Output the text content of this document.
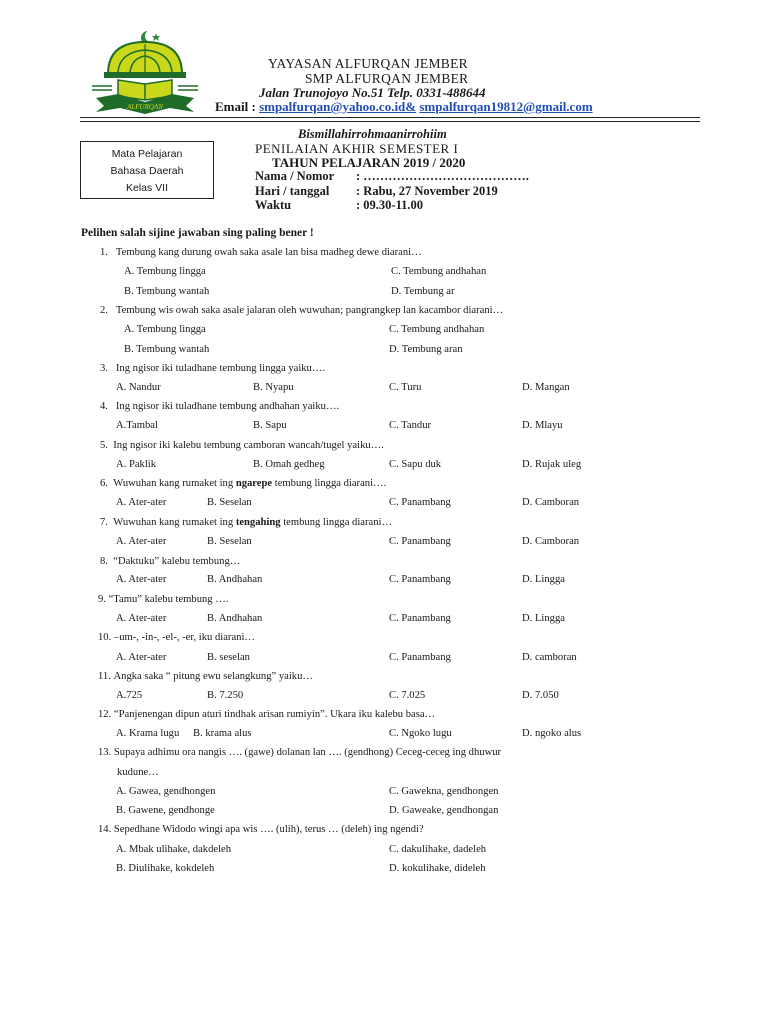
ALFURQAN
YAYASAN ALFURQAN JEMBER
SMP ALFURQAN JEMBER
Jalan Trunojoyo No.51 Telp. 0331-488644
Email : smpalfurqan@yahoo.co.id& smpalfurqan19812@gmail.com
Mata Pelajaran
Bahasa Daerah
Kelas VII
Bismillahirrohmaanirrohiim
PENILAIAN AKHIR SEMESTER I
TAHUN PELAJARAN 2019 / 2020
Nama / Nomor : ………………………………….
Hari / tanggal : Rabu, 27 November 2019
Waktu	: 09.30-11.00
Pelihen salah sijine jawaban sing paling bener !
1. Tembung kang durung owah saka asale lan bisa madheg dewe diarani…
A. Tembung lingga	C. Tembung andhahan
B. Tembung wantah	D. Tembung ar
2. Tembung wis owah saka asale jalaran oleh wuwuhan; pangrangkep lan kacambor diarani…
A. Tembung lingga	C. Tembung andhahan
B. Tembung wantah	D. Tembung aran
3. Ing ngisor iki tuladhane tembung lingga yaiku….
A. Nandur	B. Nyapu	C. Turu	D. Mangan
4. Ing ngisor iki tuladhane tembung andhahan yaiku….
A.Tambal	B. Sapu	C. Tandur	D. Mlayu
5. Ing ngisor iki kalebu tembung camboran wancah/tugel yaiku….
A. Paklik	B. Omah gedheg	C. Sapu duk	D. Rujak uleg
6. Wuwuhan kang rumaket ing ngarepe tembung lingga diarani….
A. Ater-ater	B. Seselan	C. Panambang	D. Camboran
7. Wuwuhan kang rumaket ing tengahing tembung lingga diarani…
A. Ater-ater	B. Seselan	C. Panambang	D. Camboran
8. “Daktuku” kalebu tembung…
A. Ater-ater	B. Andhahan	C. Panambang	D. Lingga
9. “Tamu” kalebu tembung ….
A. Ater-ater	B. Andhahan	C. Panambang	D. Lingga
10. –um-, -in-, -el-, -er, iku diarani…
A. Ater-ater	B. seselan	C. Panambang	D. camboran
11. Angka saka “ pitung ewu selangkung” yaiku…
A.725	B. 7.250	C. 7.025	D. 7.050
12. “Panjenengan dipun aturi tindhak arisan rumiyin”. Ukara iku kalebu basa…
A. Krama lugu B. krama alus	C. Ngoko lugu	D. ngoko alus
13. Supaya adhimu ora nangis …. (gawe) dolanan lan …. (gendhong) Ceceg-ceceg ing dhuwur
kudune…
A. Gawea, gendhongen	C. Gawekna, gendhongen
B. Gawene, gendhonge	D. Gaweake, gendhongan
14. Sepedhane Widodo wingi apa wis …. (ulih), terus … (deleh) ing ngendi?
A. Mbak ulihake, dakdeleh	C. dakulihake, dadeleh
B. Diulihake, kokdeleh	D. kokulihake, dideleh
